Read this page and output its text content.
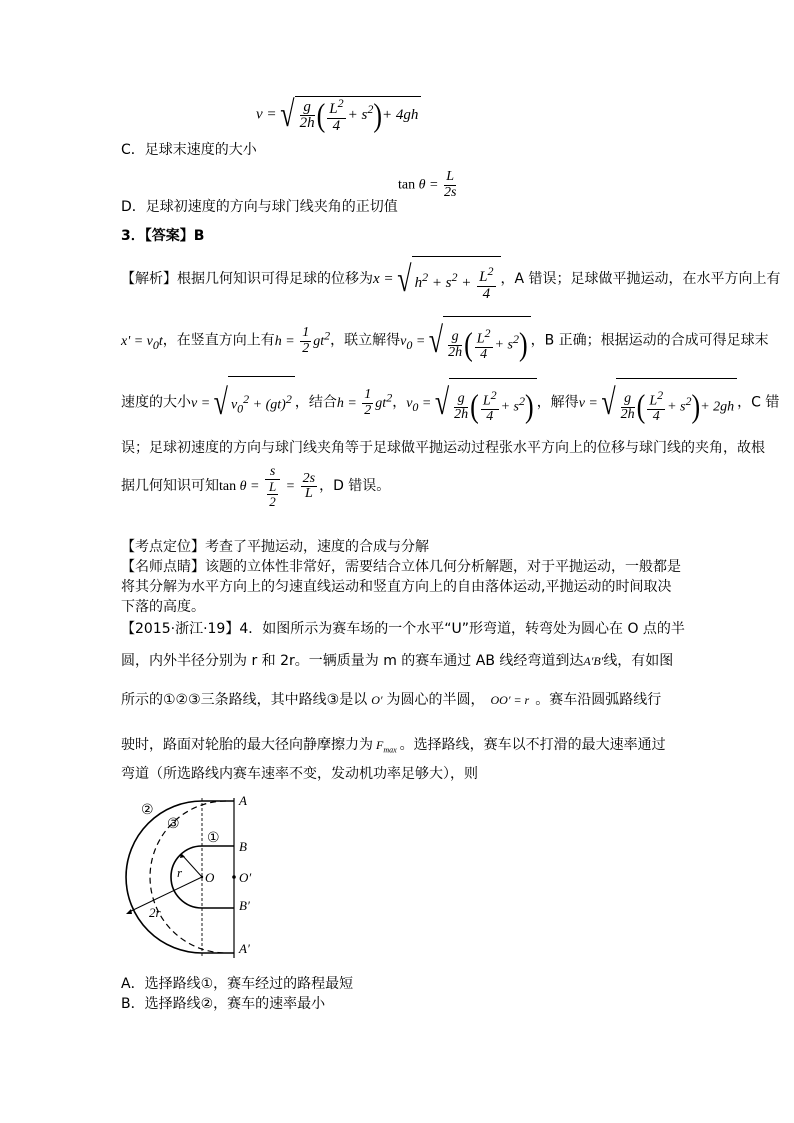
v = √ $\frac{g}{2h}$ ( $\frac{L^2}{4} + s^2)+ 4gh$
C．足球末速度的大小
$\tan \theta = \frac{L}{2s}$
D．足球初速度的方向与球门线夹角的正切值
3．【答案】B
【解析】根据几何知识可得足球的位移为x = √ $h^2 + s^2 + \frac{L^2}{4}$ ，A 错误；足球做平抛运动，在水平方向上有
$x' = v_0t$，在竖直方向上有$h = \frac{1}{2} gt^2$，联立解得$v_0$ = √ $\frac{g}{2h}$ ( $\frac{L^2}{4} + s^2$) ，B 正确；根据运动的合成可得足球末
速度的大小v = √ $v_0^2 + (gt)^2$ ，结合$h = \frac{1}{2} gt^2$，$v_0$ = √ $\frac{g}{2h}$ ( $\frac{L^2}{4} + s^2$) ，解得v = √ $\frac{g}{2h}$ ( $\frac{L^2}{4} + s^2)+ 2gh$ ，C 错
误；足球初速度的方向与球门线夹角等于足球做平抛运动过程张水平方向上的位移与球门线的夹角，故根
据几何知识可知$\tan \theta = \frac{s}{\frac{L}{2}} = \frac{2s}{L}$ ，D 错误。
【考点定位】考查了平抛运动，速度的合成与分解
【名师点睛】该题的立体性非常好，需要结合立体几何分析解题，对于平抛运动，一般都是
将其分解为水平方向上的匀速直线运动和竖直方向上的自由落体运动,平抛运动的时间取决
下落的高度。
【2015·浙江·19】4．如图所示为赛车场的一个水平“U”形弯道，转弯处为圆心在 O 点的半
圆，内外半径分别为 r 和 2r。一辆质量为 m 的赛车通过 AB 线经弯道到达A′B′线，有如图
所示的①②③三条路线，其中路线③是以 O′ 为圆心的半圆， OO′ = r 。赛车沿圆弧路线行
驶时，路面对轮胎的最大径向静摩擦力为 $F_{max}$ 。选择路线，赛车以不打滑的最大速率通过
弯道（所选路线内赛车速率不变，发动机功率足够大），则
A
B
O′
B′
A′
O
r
2r
②
③
①
A．选择路线①，赛车经过的路程最短
B．选择路线②，赛车的速率最小
